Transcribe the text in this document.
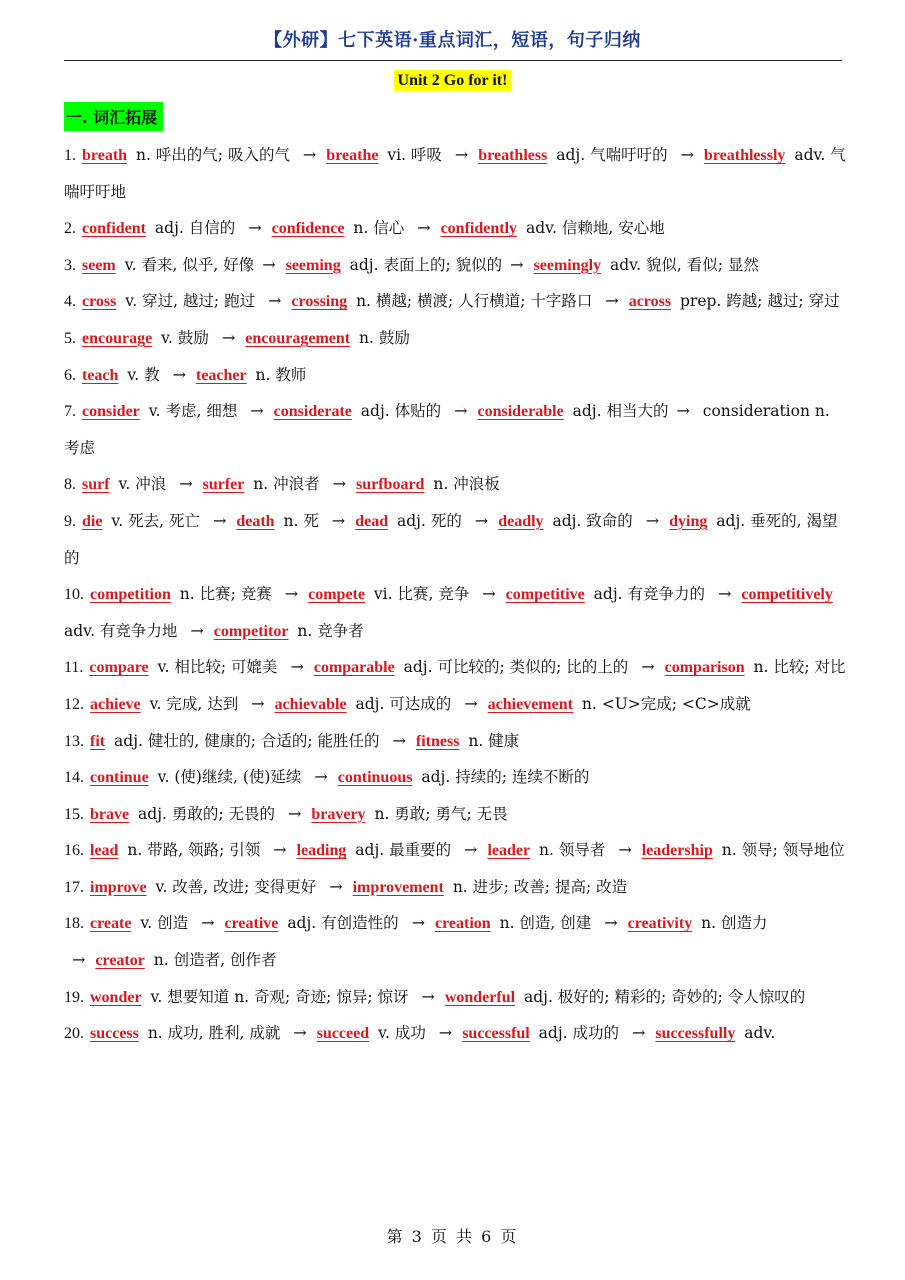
【外研】七下英语·重点词汇，短语，句子归纳
Unit 2 Go for it!
一. 词汇拓展

1. breath n. 呼出的气; 吸入的气 → breathe vi. 呼吸 → breathless adj. 气喘吁吁的 → breathlessly adv. 气喘吁吁地

2. confident adj. 自信的 → confidence n. 信心 → confidently adv. 信赖地, 安心地

3. seem v. 看来, 似乎, 好像 → seeming adj. 表面上的; 貌似的 → seemingly adv. 貌似, 看似; 显然

4. cross v. 穿过, 越过; 跑过 → crossing n. 横越; 横渡; 人行横道; 十字路口 → across prep. 跨越; 越过; 穿过

5. encourage v. 鼓励 → encouragement n. 鼓励

6. teach v. 教 → teacher n. 教师

7. consider v. 考虑, 细想 → considerate adj. 体贴的 → considerable adj. 相当大的 → consideration n. 考虑

8. surf v. 冲浪 → surfer n. 冲浪者 → surfboard n. 冲浪板

9. die v. 死去, 死亡 → death n. 死 → dead adj. 死的 → deadly adj. 致命的 → dying adj. 垂死的, 渴望的

10. competition n. 比赛; 竞赛 → compete vi. 比赛, 竞争 → competitive adj. 有竞争力的 → competitively adv. 有竞争力地 → competitor n. 竞争者

11. compare v. 相比较; 可媲美 → comparable adj. 可比较的; 类似的; 比的上的 → comparison n. 比较; 对比

12. achieve v. 完成, 达到 → achievable adj. 可达成的 → achievement n. <U>完成; <C>成就

13. fit adj. 健壮的, 健康的; 合适的; 能胜任的 → fitness n. 健康

14. continue v. (使)继续, (使)延续 → continuous adj. 持续的; 连续不断的

15. brave adj. 勇敢的; 无畏的 → bravery n. 勇敢; 勇气; 无畏

16. lead n. 带路, 领路; 引领 → leading adj. 最重要的 → leader n. 领导者 → leadership n. 领导; 领导地位

17. improve v. 改善, 改进; 变得更好 → improvement n. 进步; 改善; 提高; 改造

18. create v. 创造 → creative adj. 有创造性的 → creation n. 创造, 创建 → creativity n. 创造力 → creator n. 创造者, 创作者

19. wonder v. 想要知道 n. 奇观; 奇迹; 惊异; 惊讶 → wonderful adj. 极好的; 精彩的; 奇妙的; 令人惊叹的

20. success n. 成功, 胜利, 成就 → succeed v. 成功 → successful adj. 成功的 → successfully adv.

第 3 页 共 6 页
